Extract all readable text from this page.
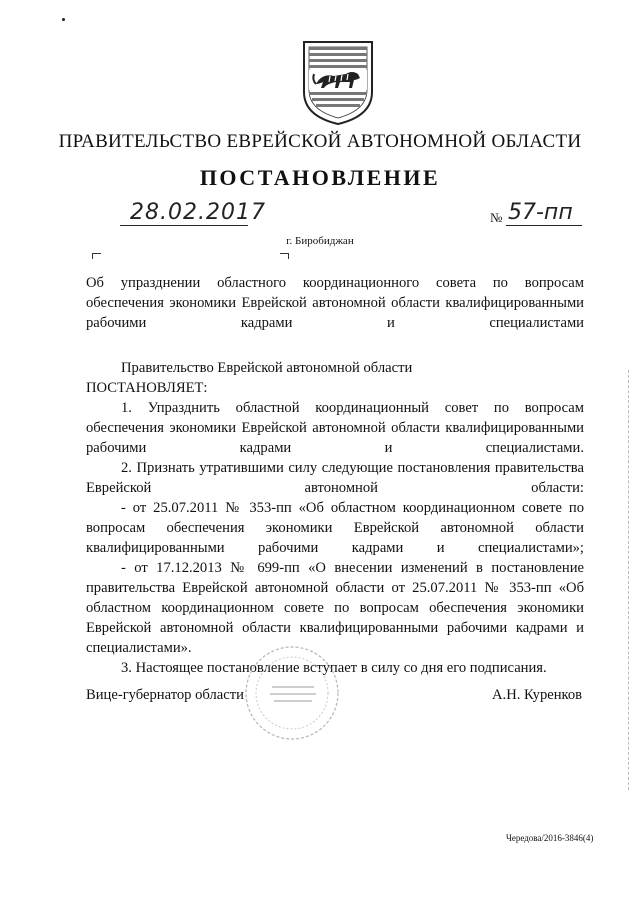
ПРАВИТЕЛЬСТВО ЕВРЕЙСКОЙ АВТОНОМНОЙ ОБЛАСТИ
ПОСТАНОВЛЕНИЕ
28.02.2017	№ 57-пп
г. Биробиджан
Об упразднении областного координационного совета по вопросам обеспечения экономики Еврейской автономной области квалифицированными рабочими кадрами и специалистами

Правительство Еврейской автономной области

ПОСТАНОВЛЯЕТ:

1. Упразднить областной координационный совет по вопросам обеспечения экономики Еврейской автономной области квалифицированными рабочими кадрами и специалистами.

2. Признать утратившими силу следующие постановления правительства Еврейской автономной области:

- от 25.07.2011 № 353-пп «Об областном координационном совете по вопросам обеспечения экономики Еврейской автономной области квалифицированными рабочими кадрами и специалистами»;

- от 17.12.2013 № 699-пп «О внесении изменений в постановление правительства Еврейской автономной области от 25.07.2011 № 353-пп «Об областном координационном совете по вопросам обеспечения экономики Еврейской автономной области квалифицированными рабочими кадрами и специалистами».

3. Настоящее постановление вступает в силу со дня его подписания.

Вице-губернатор области	А.Н. Куренков
Чередова/2016-3846(4)
